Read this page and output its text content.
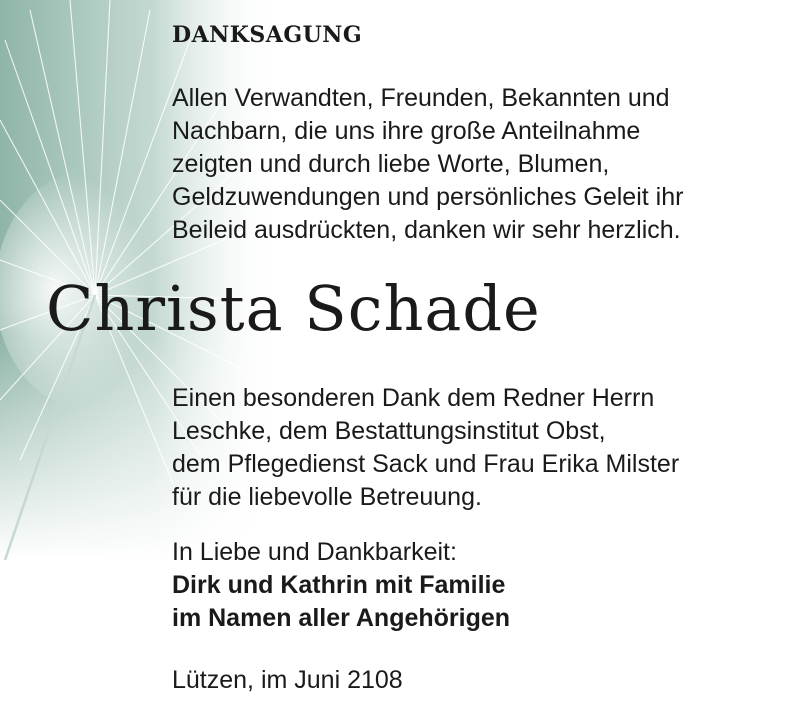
DANKSAGUNG
Allen Verwandten, Freunden, Bekannten und
Nachbarn, die uns ihre große Anteilnahme
zeigten und durch liebe Worte, Blumen,
Geldzuwendungen und persönliches Geleit ihr
Beileid ausdrückten, danken wir sehr herzlich.
Christa Schade
Einen besonderen Dank dem Redner Herrn
Leschke, dem Bestattungsinstitut Obst,
dem Pflegedienst Sack und Frau Erika Milster
für die liebevolle Betreuung.
In Liebe und Dankbarkeit:
Dirk und Kathrin mit Familie
im Namen aller Angehörigen
Lützen, im Juni 2108
